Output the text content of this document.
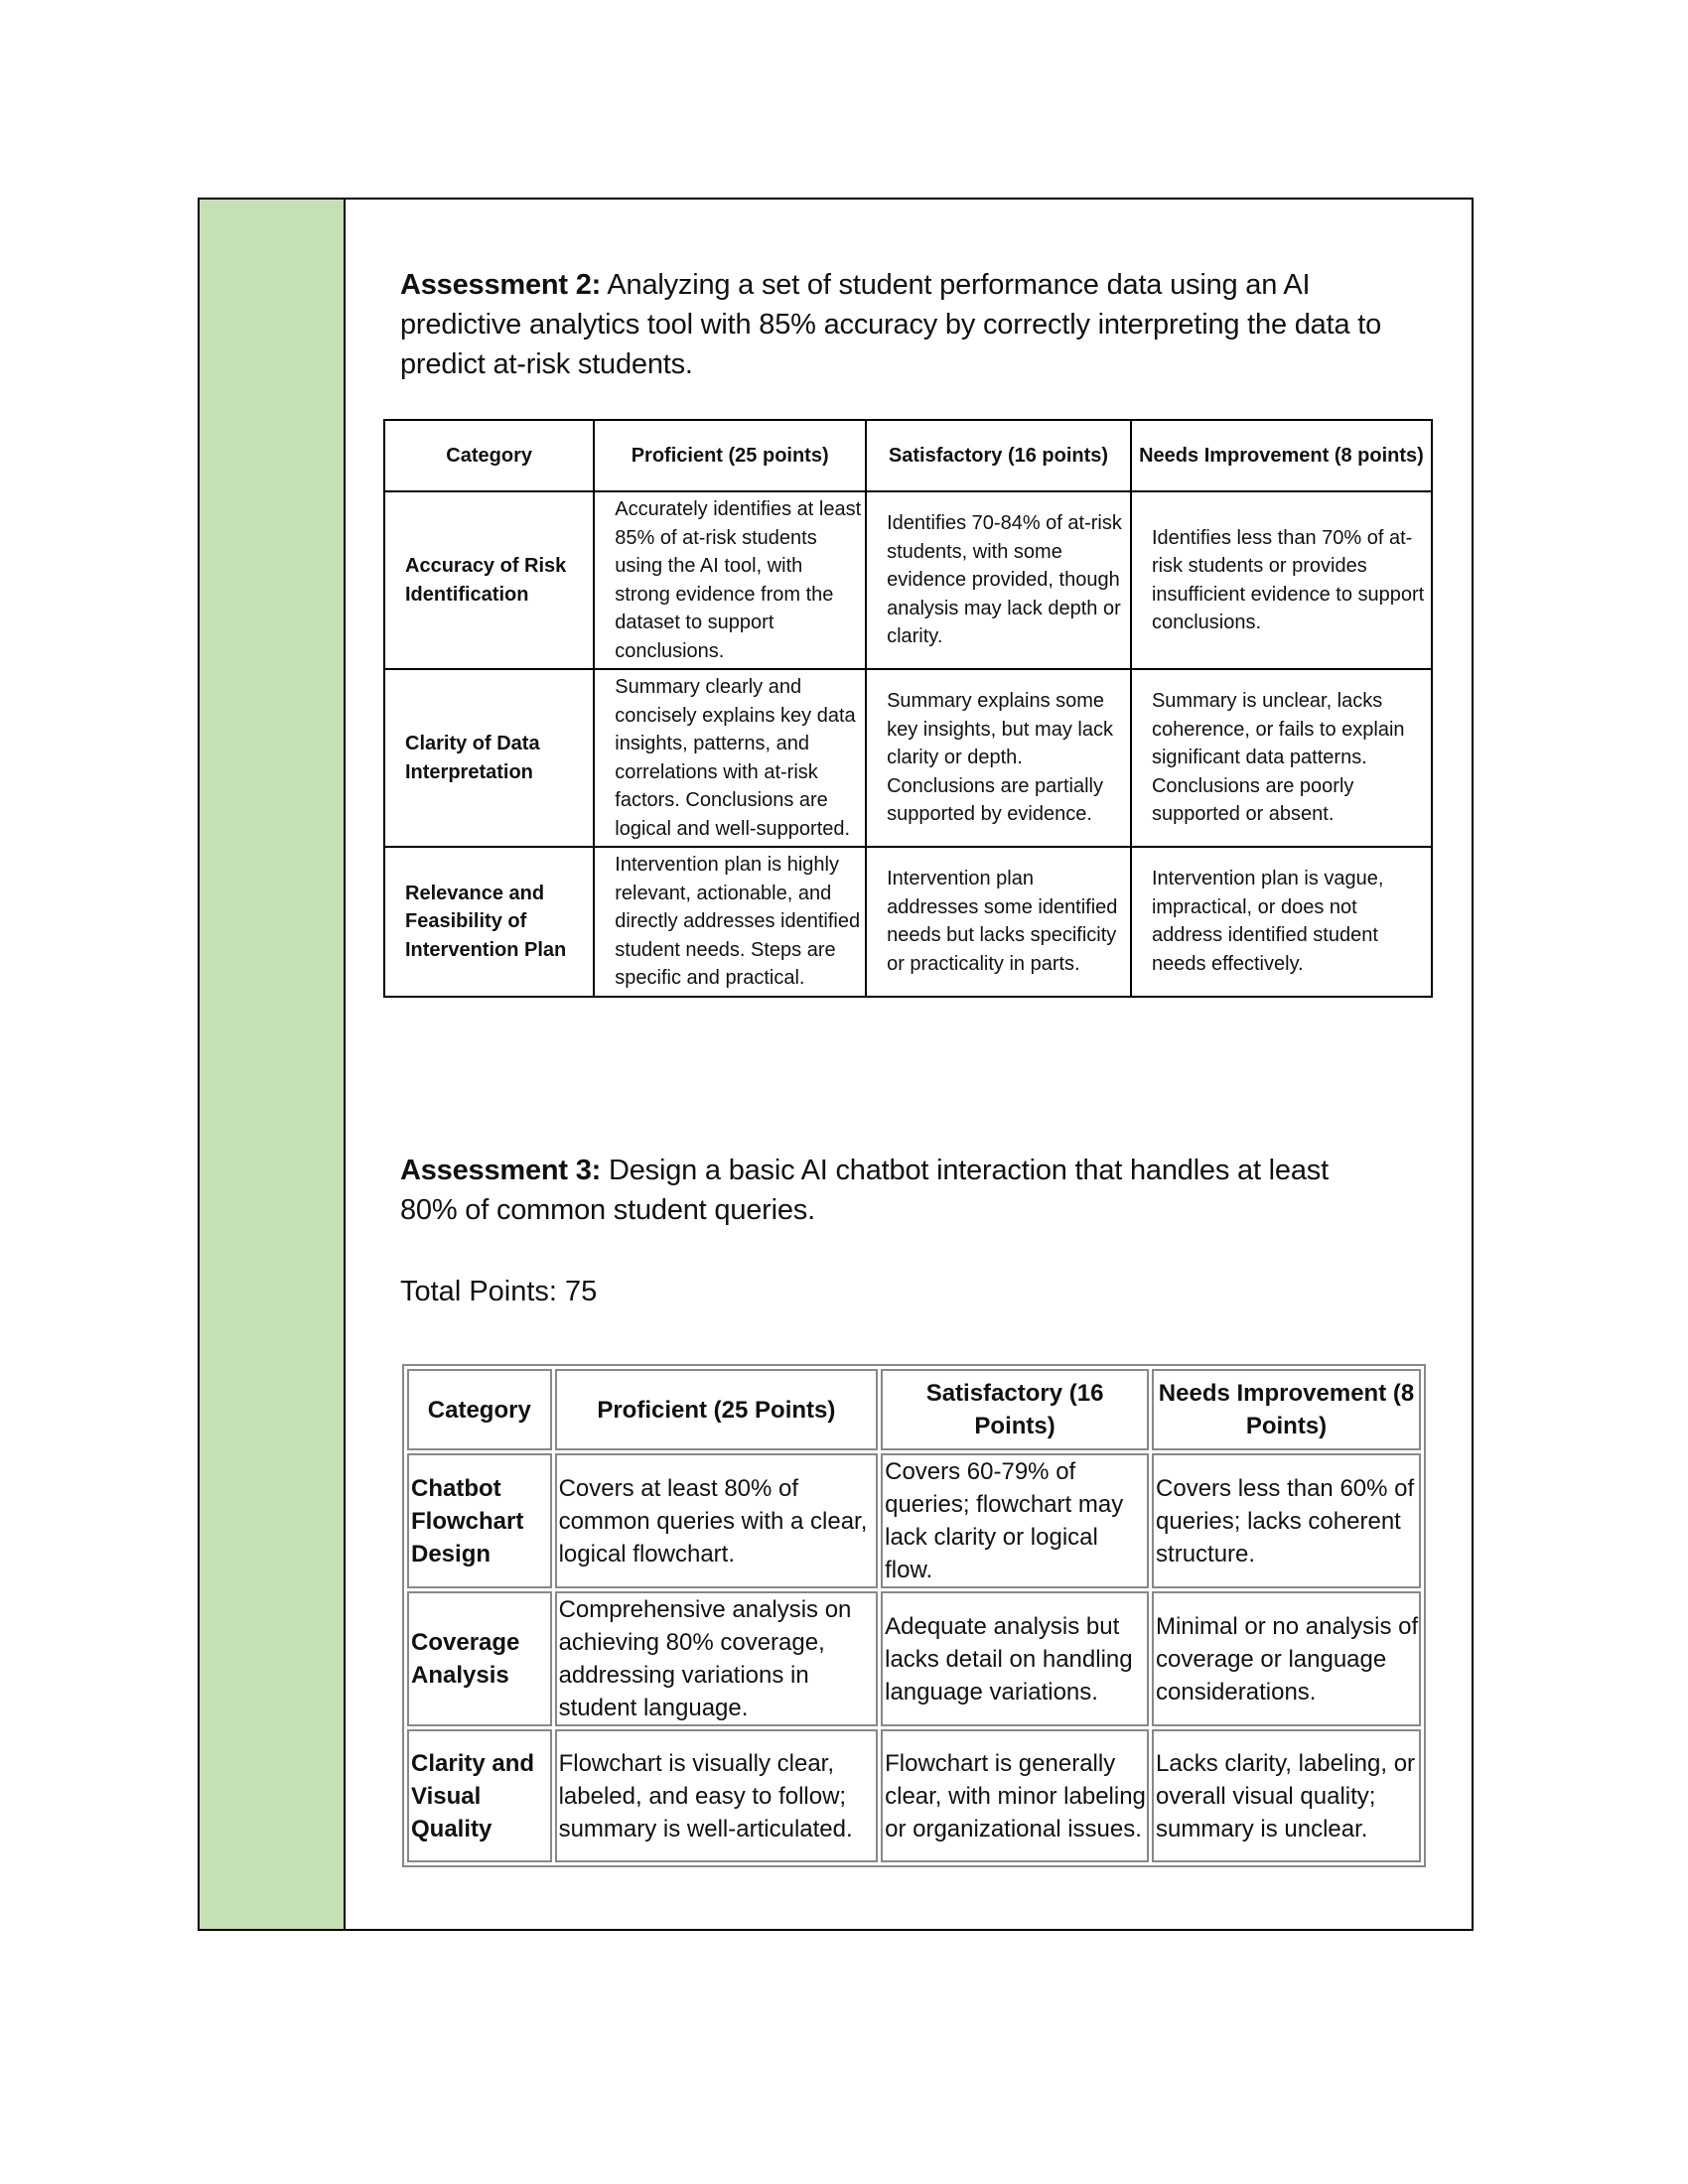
Assessment 2: Analyzing a set of student performance data using an AI predictive analytics tool with 85% accuracy by correctly interpreting the data to predict at-risk students.
Category	Proficient (25 points)	Satisfactory (16 points)	Needs Improvement (8 points)
Accuracy of Risk Identification	Accurately identifies at least 85% of at-risk students using the AI tool, with strong evidence from the dataset to support conclusions.	Identifies 70-84% of at-risk students, with some evidence provided, though analysis may lack depth or clarity.	Identifies less than 70% of at-risk students or provides insufficient evidence to support conclusions.
Clarity of Data Interpretation	Summary clearly and concisely explains key data insights, patterns, and correlations with at-risk factors. Conclusions are logical and well-supported.	Summary explains some key insights, but may lack clarity or depth. Conclusions are partially supported by evidence.	Summary is unclear, lacks coherence, or fails to explain significant data patterns. Conclusions are poorly supported or absent.
Relevance and Feasibility of Intervention Plan	Intervention plan is highly relevant, actionable, and directly addresses identified student needs. Steps are specific and practical.	Intervention plan addresses some identified needs but lacks specificity or practicality in parts.	Intervention plan is vague, impractical, or does not address identified student needs effectively.
Assessment 3: Design a basic AI chatbot interaction that handles at least 80% of common student queries.
Total Points: 75
Category	Proficient (25 Points)	Satisfactory (16 Points)	Needs Improvement (8 Points)
Chatbot Flowchart Design	Covers at least 80% of common queries with a clear, logical flowchart.	Covers 60-79% of queries; flowchart may lack clarity or logical flow.	Covers less than 60% of queries; lacks coherent structure.
Coverage Analysis	Comprehensive analysis on achieving 80% coverage, addressing variations in student language.	Adequate analysis but lacks detail on handling language variations.	Minimal or no analysis of coverage or language considerations.
Clarity and Visual Quality	Flowchart is visually clear, labeled, and easy to follow; summary is well-articulated.	Flowchart is generally clear, with minor labeling or organizational issues.	Lacks clarity, labeling, or overall visual quality; summary is unclear.
